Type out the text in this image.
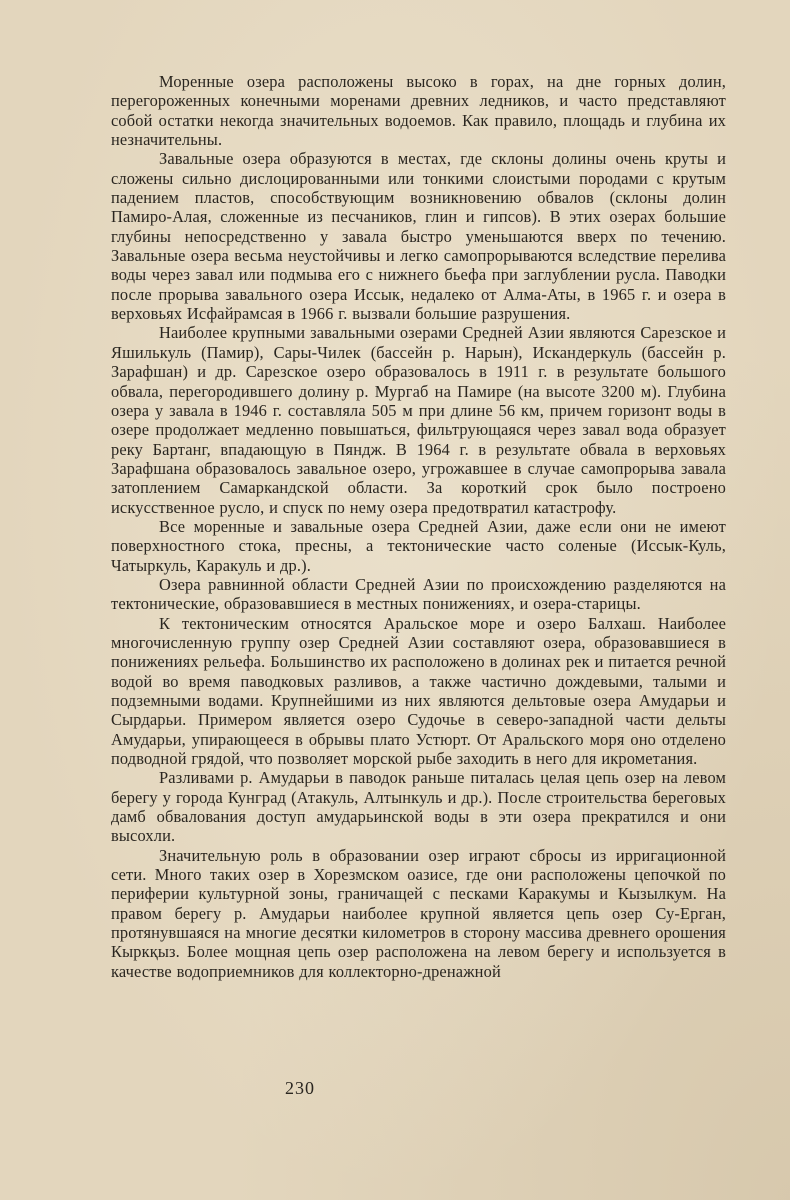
Моренные озера расположены высоко в горах, на дне горных долин, перегороженных конечными моренами древних ледников, и часто представляют собой остатки некогда значительных водоемов. Как правило, площадь и глубина их незначительны.

Завальные озера образуются в местах, где склоны долины очень круты и сложены сильно дислоцированными или тонкими слоистыми породами с крутым падением пластов, способствующим возникновению обвалов (склоны долин Памиро-Алая, сложенные из песчаников, глин и гипсов). В этих озерах большие глубины непосредственно у завала быстро уменьшаются вверх по течению. Завальные озера весьма неустойчивы и легко самопрорываются вследствие перелива воды через завал или подмыва его с нижнего бьефа при заглублении русла. Паводки после прорыва завального озера Иссык, недалеко от Алма-Аты, в 1965 г. и озера в верховьях Исфайрамсая в 1966 г. вызвали большие разрушения.

Наиболее крупными завальными озерами Средней Азии являются Сарезское и Яшилькуль (Памир), Сары-Чилек (бассейн р. Нарын), Искандеркуль (бассейн р. Зарафшан) и др. Сарезское озеро образовалось в 1911 г. в результате большого обвала, перегородившего долину р. Мургаб на Памире (на высоте 3200 м). Глубина озера у завала в 1946 г. составляла 505 м при длине 56 км, причем горизонт воды в озере продолжает медленно повышаться, фильтрующаяся через завал вода образует реку Бартанг, впадающую в Пяндж. В 1964 г. в результате обвала в верховьях Зарафшана образовалось завальное озеро, угрожавшее в случае самопрорыва завала затоплением Самаркандской области. За короткий срок было построено искусственное русло, и спуск по нему озера предотвратил катастрофу.

Все моренные и завальные озера Средней Азии, даже если они не имеют поверхностного стока, пресны, а тектонические часто соленые (Иссык-Куль, Чатыркуль, Каракуль и др.).

Озера равнинной области Средней Азии по происхождению разделяются на тектонические, образовавшиеся в местных понижениях, и озера-старицы.

К тектоническим относятся Аральское море и озеро Балхаш. Наиболее многочисленную группу озер Средней Азии составляют озера, образовавшиеся в понижениях рельефа. Большинство их расположено в долинах рек и питается речной водой во время паводковых разливов, а также частично дождевыми, талыми и подземными водами. Крупнейшими из них являются дельтовые озера Амударьи и Сырдарьи. Примером является озеро Судочье в северо-западной части дельты Амударьи, упирающееся в обрывы плато Устюрт. От Аральского моря оно отделено подводной грядой, что позволяет морской рыбе заходить в него для икрометания.

Разливами р. Амударьи в паводок раньше питалась целая цепь озер на левом берегу у города Кунград (Атакуль, Алтынкуль и др.). После строительства береговых дамб обвалования доступ амударьинской воды в эти озера прекратился и они высохли.

Значительную роль в образовании озер играют сбросы из ирригационной сети. Много таких озер в Хорезмском оазисе, где они расположены цепочкой по периферии культурной зоны, граничащей с песками Каракумы и Кызылкум. На правом берегу р. Амударьи наиболее крупной является цепь озер Су-Ерган, протянувшаяся на многие десятки километров в сторону массива древнего орошения Кыркқыз. Более мощная цепь озер расположена на левом берегу и используется в качестве водоприемников для коллекторно-дренажной

230
